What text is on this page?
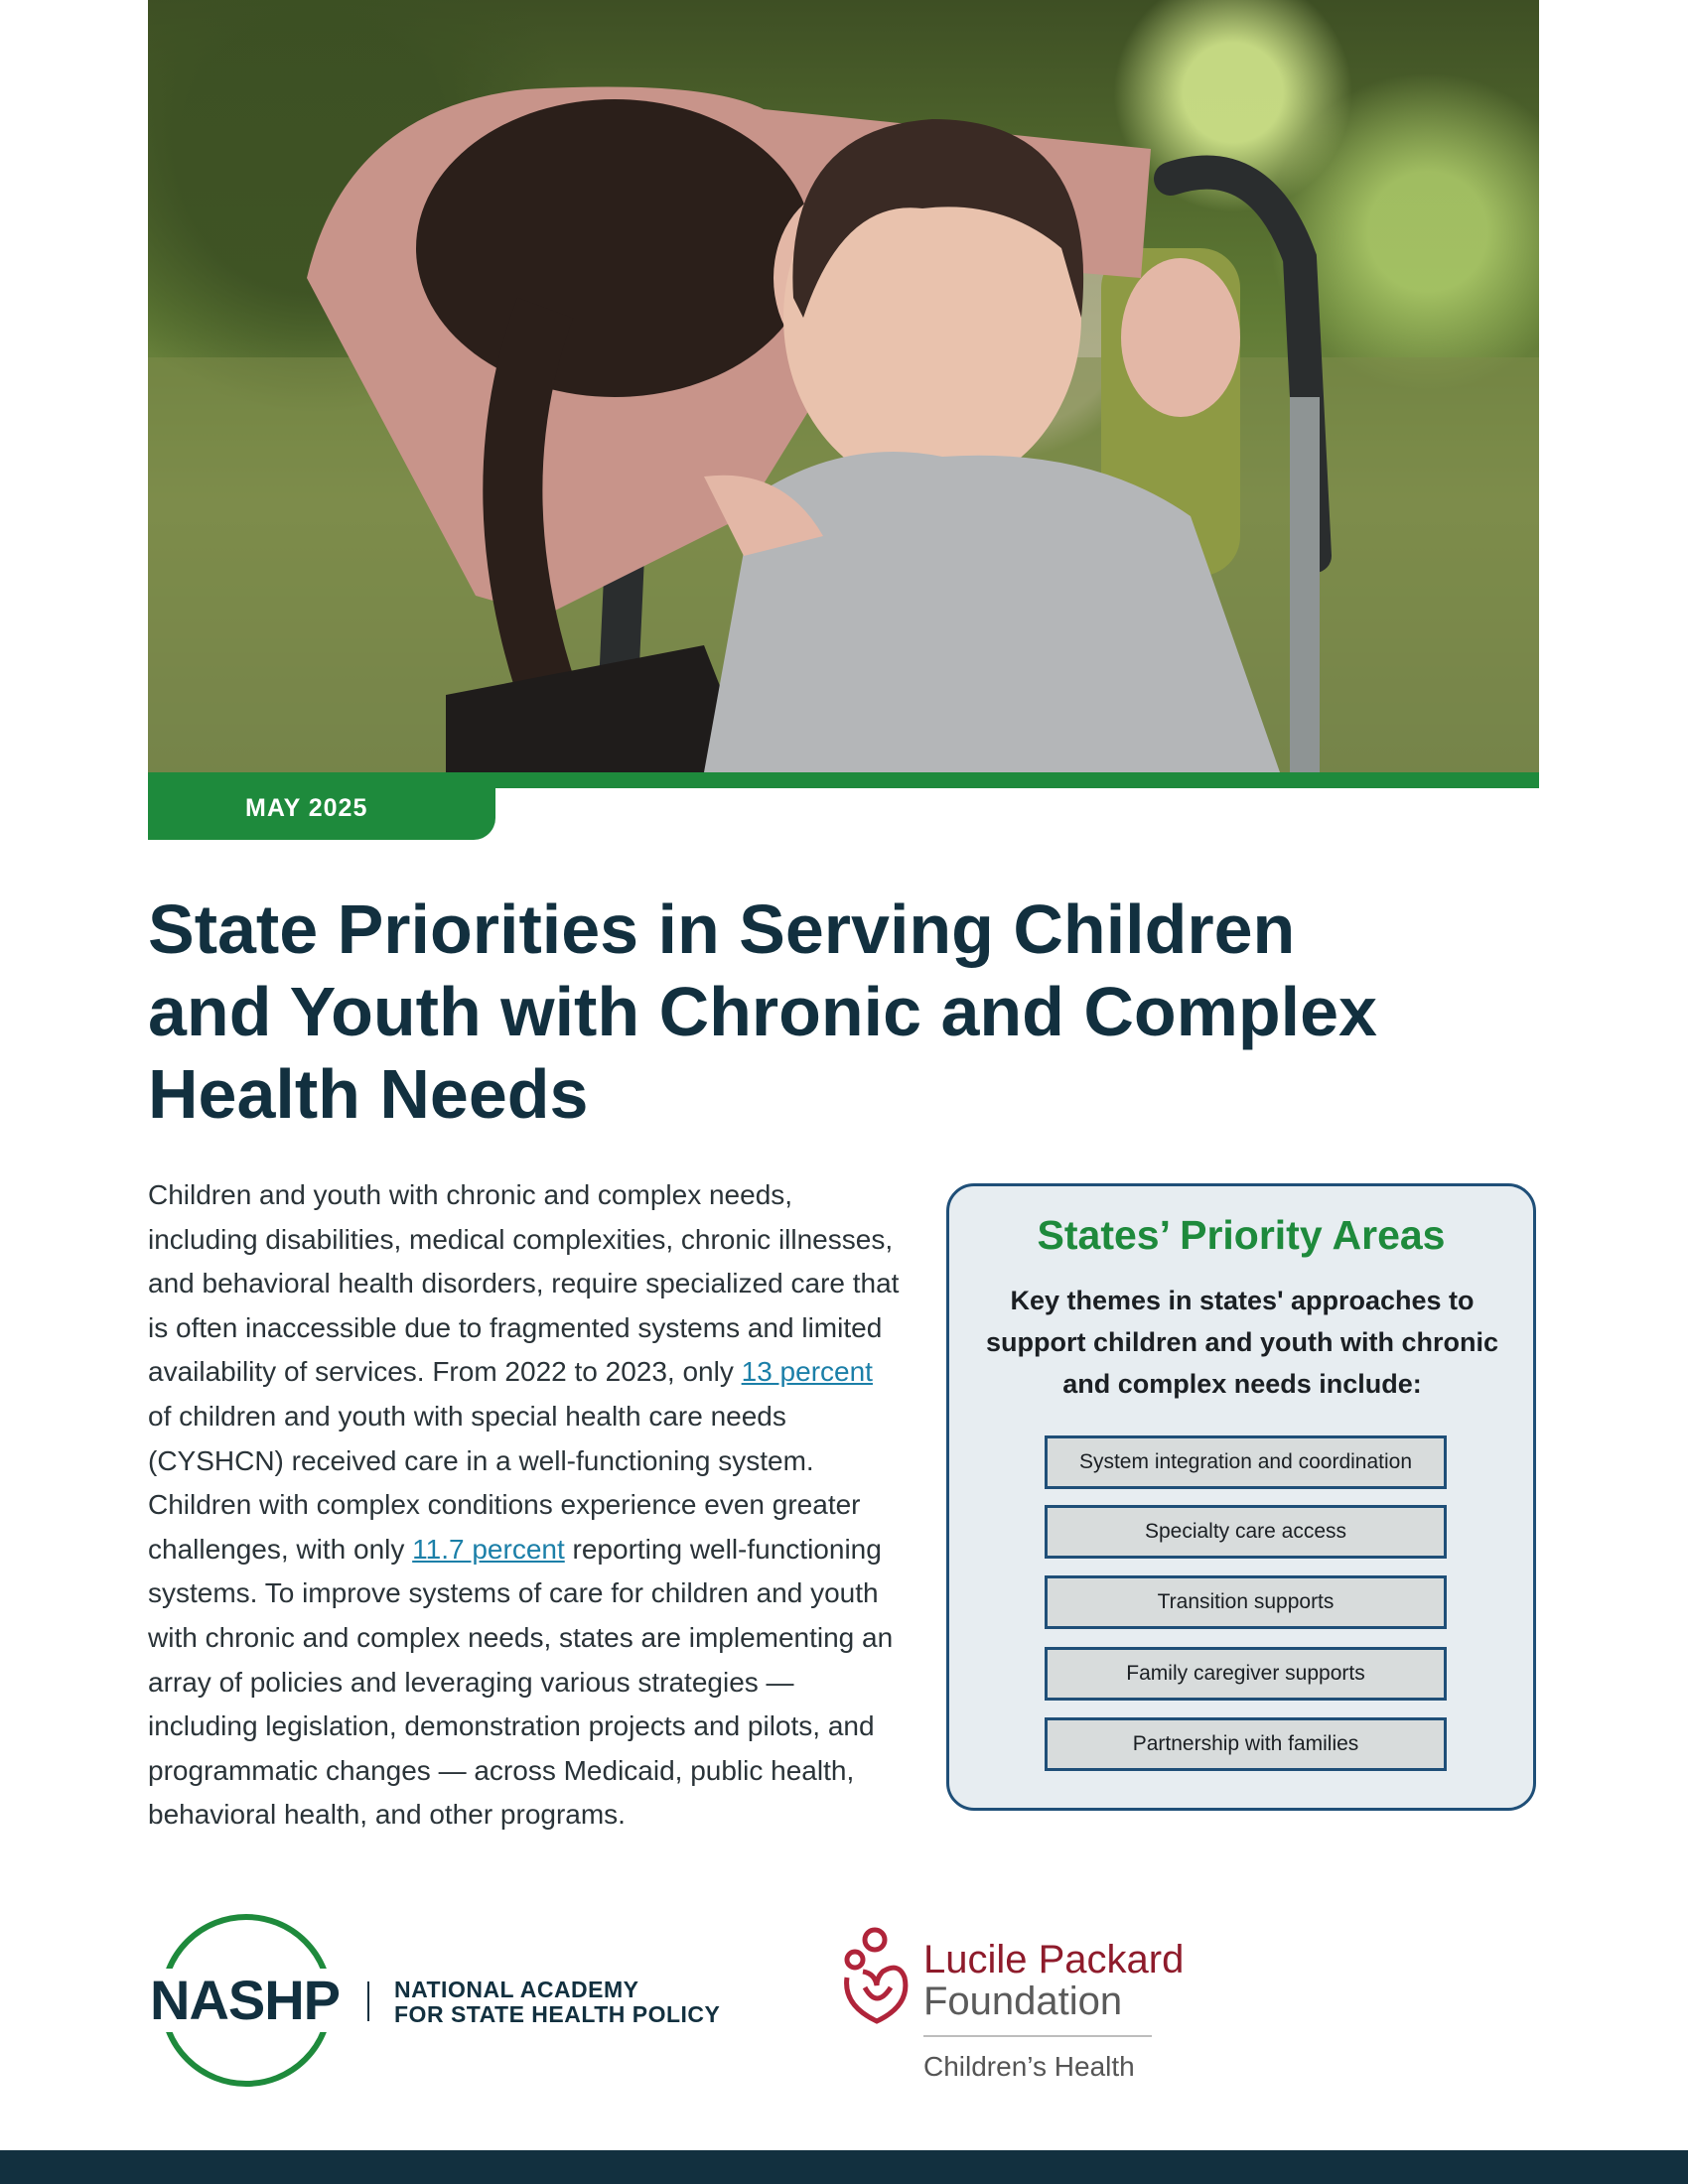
MAY 2025
State Priorities in Serving Children and Youth with Chronic and Complex Health Needs

Children and youth with chronic and complex needs, including disabilities, medical complexities, chronic illnesses, and behavioral health disorders, require specialized care that is often inaccessible due to fragmented systems and limited availability of services. From 2022 to 2023, only 13 percent of children and youth with special health care needs (CYSHCN) received care in a well-functioning system. Children with complex conditions experience even greater challenges, with only 11.7 percent reporting well-functioning systems. To improve systems of care for children and youth with chronic and complex needs, states are implementing an array of policies and leveraging various strategies — including legislation, demonstration projects and pilots, and programmatic changes — across Medicaid, public health, behavioral health, and other programs.

States’ Priority Areas
Key themes in states' approaches to support children and youth with chronic and complex needs include:
System integration and coordination
Specialty care access
Transition supports
Family caregiver supports
Partnership with families
NASHP NATIONAL ACADEMY
FOR STATE HEALTH POLICY
Lucile Packard
Foundation
Children’s Health
